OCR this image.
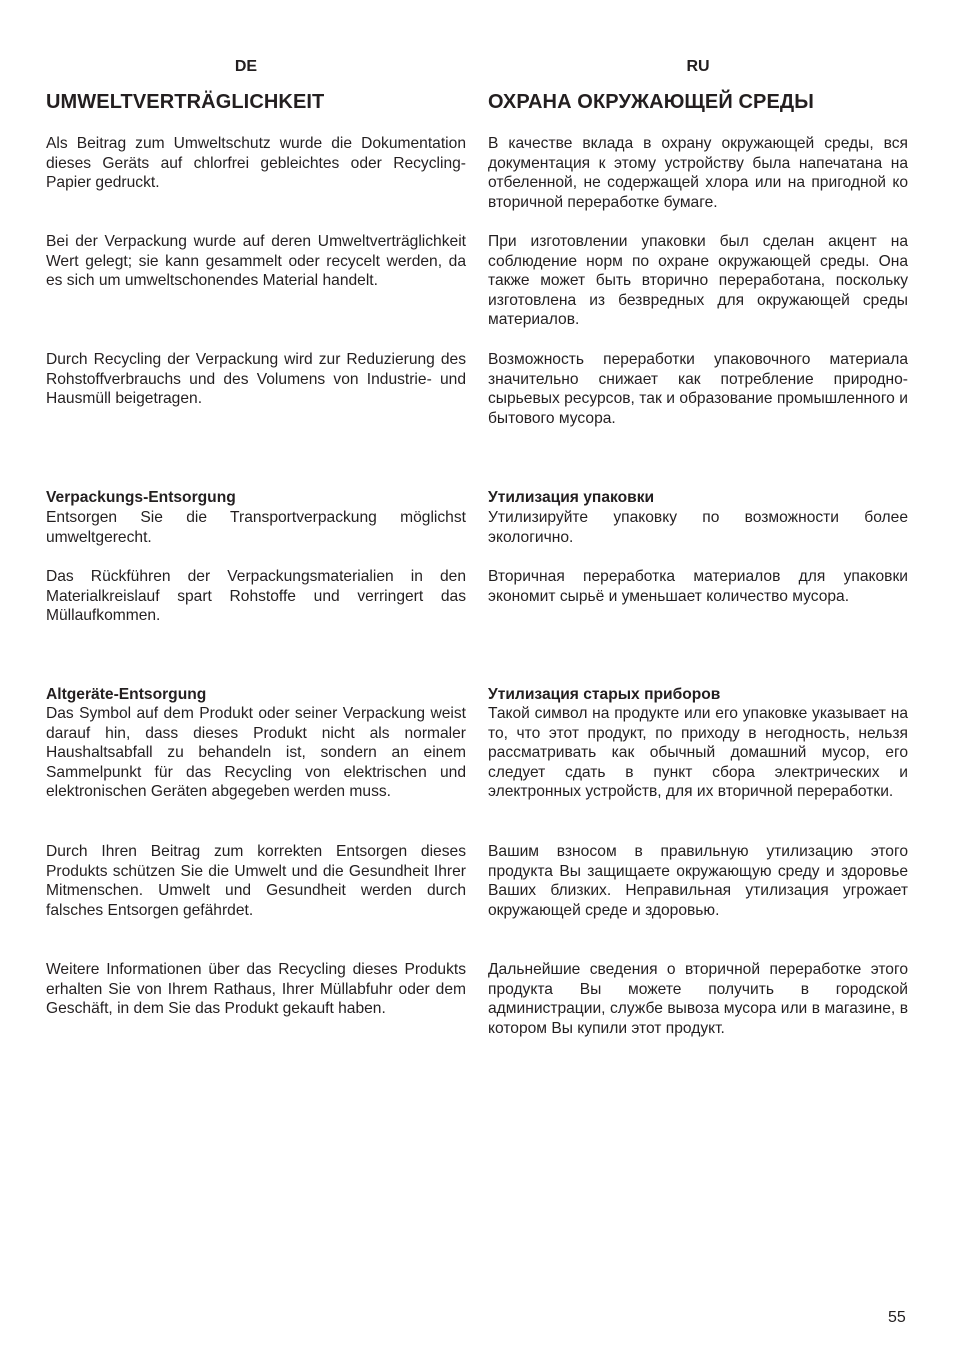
DE
UMWELTVERTRÄGLICHKEIT

Als Beitrag zum Umweltschutz wurde die Dokumentation dieses Geräts auf chlorfrei gebleichtes oder Recycling-Papier gedruckt.

Bei der Verpackung wurde auf deren Umweltverträglichkeit Wert gelegt; sie kann gesammelt oder recycelt werden, da es sich um umweltschonendes Material handelt.

Durch Recycling der Verpackung wird zur Reduzierung des Rohstoffverbrauchs und des Volumens von Industrie- und Hausmüll beigetragen.

Verpackungs-Entsorgung

Entsorgen Sie die Transportverpackung möglichst umweltgerecht.

Das Rückführen der Verpackungsmaterialien in den Materialkreislauf spart Rohstoffe und verringert das Müllaufkommen.

Altgeräte-Entsorgung

Das Symbol auf dem Produkt oder seiner Verpackung weist darauf hin, dass dieses Produkt nicht als normaler Haushaltsabfall zu behandeln ist, sondern an einem Sammelpunkt für das Recycling von elektrischen und elektronischen Geräten abgegeben werden muss.

Durch Ihren Beitrag zum korrekten Entsorgen dieses Produkts schützen Sie die Umwelt und die Gesundheit Ihrer Mitmenschen. Umwelt und Gesundheit werden durch falsches Entsorgen gefährdet.

Weitere Informationen über das Recycling dieses Produkts erhalten Sie von Ihrem Rathaus, Ihrer Müllabfuhr oder dem Geschäft, in dem Sie das Produkt gekauft haben.

RU
ОХРАНА ОКРУЖАЮЩЕЙ СРЕДЫ

В качестве вклада в охрану окружающей среды, вся документация к этому устройству была напечатана на отбеленной, не содержащей хлора или на пригодной ко вторичной переработке бумаге.

При изготовлении упаковки был сделан акцент на соблюдение норм по охране окружающей среды. Она также может быть вторично переработана, поскольку изготовлена из безвредных для окружающей среды материалов.

Возможность переработки упаковочного материала значительно снижает как потребление природно-сырьевых ресурсов, так и образование промышленного и бытового мусора.

Утилизация упаковки

Утилизируйте упаковку по возможности более экологично.

Вторичная переработка материалов для упаковки экономит сырьё и уменьшает количество мусора.

Утилизация старых приборов

Такой символ на продукте или его упаковке указывает на то, что этот продукт, по приходу в негодность, нельзя рассматривать как обычный домашний мусор, его следует сдать в пункт сбора электрических и электронных устройств, для их вторичной переработки.

Вашим взносом в правильную утилизацию этого продукта Вы защищаете окружающую среду и здоровье Ваших близких. Неправильная утилизация угрожает окружающей среде и здоровью.

Дальнейшие сведения о вторичной переработке этого продукта Вы можете получить в городской администрации, службе вывоза мусора или в магазине, в котором Вы купили этот продукт.

55
